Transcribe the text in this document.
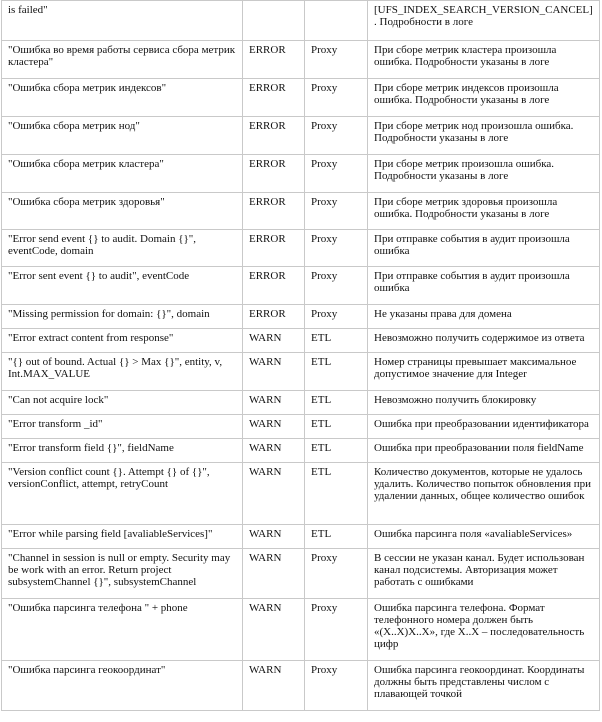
is failed"			[UFS_INDEX_SEARCH_VERSION_CANCEL]. Подробности в логе
"Ошибка во время работы сервиса сбора метрик кластера"	ERROR	Proxy	При сборе метрик кластера произошла ошибка. Подробности указаны в логе
"Ошибка сбора метрик индексов"	ERROR	Proxy	При сборе метрик индексов произошла ошибка. Подробности указаны в логе
"Ошибка сбора метрик нод"	ERROR	Proxy	При сборе метрик нод произошла ошибка. Подробности указаны в логе
"Ошибка сбора метрик кластера"	ERROR	Proxy	При сборе метрик произошла ошибка. Подробности указаны в логе
"Ошибка сбора метрик здоровья"	ERROR	Proxy	При сборе метрик здоровья произошла ошибка. Подробности указаны в логе
"Error send event {} to audit. Domain {}", eventCode, domain	ERROR	Proxy	При отправке события в аудит произошла ошибка
"Error sent event {} to audit", eventCode	ERROR	Proxy	При отправке события в аудит произошла ошибка
"Missing permission for domain: {}", domain	ERROR	Proxy	Не указаны права для домена
"Error extract content from response"	WARN	ETL	Невозможно получить содержимое из ответа
"{} out of bound. Actual {} > Max {}", entity, v, Int.MAX_VALUE	WARN	ETL	Номер страницы превышает максимальное допустимое значение для Integer
"Can not acquire lock"	WARN	ETL	Невозможно получить блокировку
"Error transform _id"	WARN	ETL	Ошибка при преобразовании идентификатора
"Error transform field {}", fieldName	WARN	ETL	Ошибка при преобразовании поля fieldName
"Version conflict count {}. Attempt {} of {}", versionConflict, attempt, retryCount	WARN	ETL	Количество документов, которые не удалось удалить. Количество попыток обновления при удалении данных, общее количество ошибок
"Error while parsing field [avaliableServices]"	WARN	ETL	Ошибка парсинга поля «avaliableServices»
"Channel in session is null or empty. Security may be work with an error. Return project subsystemChannel {}", subsystemChannel	WARN	Proxy	В сессии не указан канал. Будет использован канал подсистемы. Авторизация может работать с ошибками
"Ошибка парсинга телефона " + phone	WARN	Proxy	Ошибка парсинга телефона. Формат телефонного номера должен быть «(X..X)X..X», где X..X – последовательность цифр
"Ошибка парсинга геокоординат"	WARN	Proxy	Ошибка парсинга геокоординат. Координаты должны быть представлены числом с плавающей точкой
